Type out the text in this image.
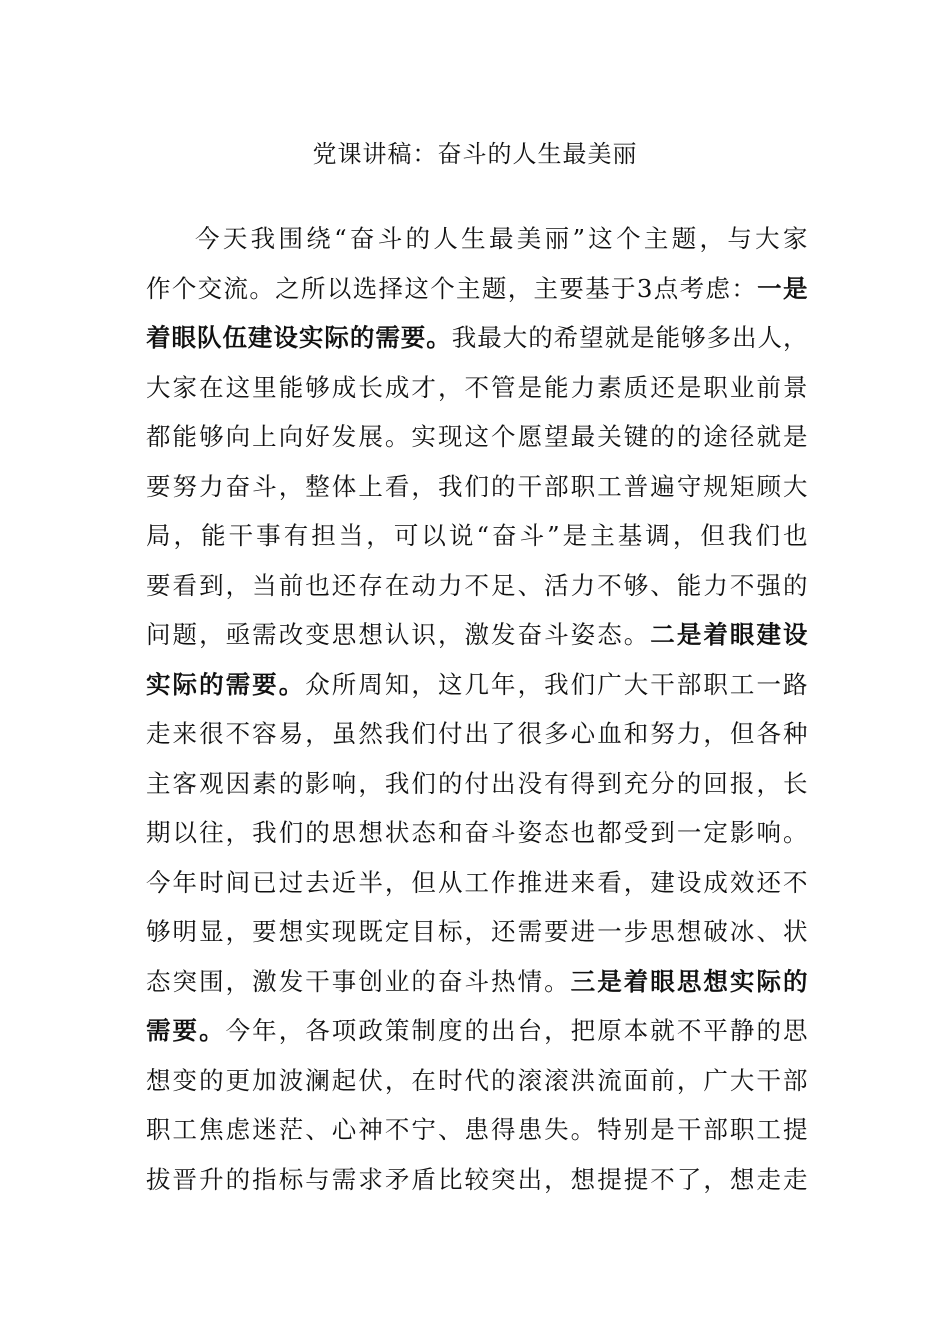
党课讲稿：奋斗的人生最美丽
今天我围绕“奋斗的人生最美丽”这个主题，与大家
作个交流。之所以选择这个主题，主要基于3点考虑：一是
着眼队伍建设实际的需要。我最大的希望就是能够多出人，
大家在这里能够成长成才，不管是能力素质还是职业前景
都能够向上向好发展。实现这个愿望最关键的的途径就是
要努力奋斗，整体上看，我们的干部职工普遍守规矩顾大
局，能干事有担当，可以说“奋斗”是主基调，但我们也
要看到，当前也还存在动力不足、活力不够、能力不强的
问题，亟需改变思想认识，激发奋斗姿态。二是着眼建设
实际的需要。众所周知，这几年，我们广大干部职工一路
走来很不容易，虽然我们付出了很多心血和努力，但各种
主客观因素的影响，我们的付出没有得到充分的回报，长
期以往，我们的思想状态和奋斗姿态也都受到一定影响。
今年时间已过去近半，但从工作推进来看，建设成效还不
够明显，要想实现既定目标，还需要进一步思想破冰、状
态突围，激发干事创业的奋斗热情。三是着眼思想实际的
需要。今年，各项政策制度的出台，把原本就不平静的思
想变的更加波澜起伏，在时代的滚滚洪流面前，广大干部
职工焦虑迷茫、心神不宁、患得患失。特别是干部职工提
拔晋升的指标与需求矛盾比较突出，想提提不了，想走走
